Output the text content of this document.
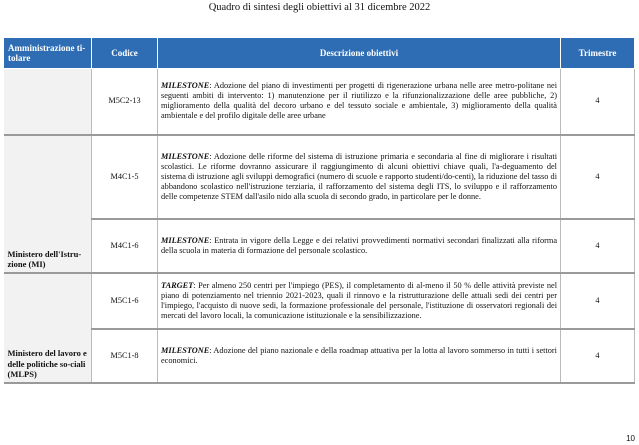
Quadro di sintesi degli obiettivi al 31 dicembre 2022
Amministrazione ti-tolare	Codice	Descrizione obiettivi	Trimestre
	M5C2-13	MILESTONE: Adozione del piano di investimenti per progetti di rigenerazione urbana nelle aree metro-politane nei seguenti ambiti di intervento: 1) manutenzione per il riutilizzo e la rifunzionalizzazione delle aree pubbliche, 2) miglioramento della qualità del decoro urbano e del tessuto sociale e ambientale, 3) miglioramento della qualità ambientale e del profilo digitale delle aree urbane	4
Ministero dell'Istru-zione (MI)	M4C1-5	MILESTONE: Adozione delle riforme del sistema di istruzione primaria e secondaria al fine di migliorare i risultati scolastici. Le riforme dovranno assicurare il raggiungimento di alcuni obiettivi chiave quali, l'a-deguamento del sistema di istruzione agli sviluppi demografici (numero di scuole e rapporto studenti/do-centi), la riduzione del tasso di abbandono scolastico nell'istruzione terziaria, il rafforzamento del sistema degli ITS, lo sviluppo e il rafforzamento delle competenze STEM dall'asilo nido alla scuola di secondo grado, in particolare per le donne.	4
	M4C1-6	MILESTONE: Entrata in vigore della Legge e dei relativi provvedimenti normativi secondari finalizzati alla riforma della scuola in materia di formazione del personale scolastico.	4
Ministero del lavoro e delle politiche so-ciali (MLPS)	M5C1-6	TARGET: Per almeno 250 centri per l'impiego (PES), il completamento di al-meno il 50 % delle attività previste nel piano di potenziamento nel triennio 2021-2023, quali il rinnovo e la ristrutturazione delle attuali sedi dei centri per l'impiego, l'acquisto di nuove sedi, la formazione professionale del personale, l'istituzione di osservatori regionali dei mercati del lavoro locali, la comunicazione istituzionale e la sensibilizzazione.	4
	M5C1-8	MILESTONE: Adozione del piano nazionale e della roadmap attuativa per la lotta al lavoro sommerso in tutti i settori economici.	4
10
